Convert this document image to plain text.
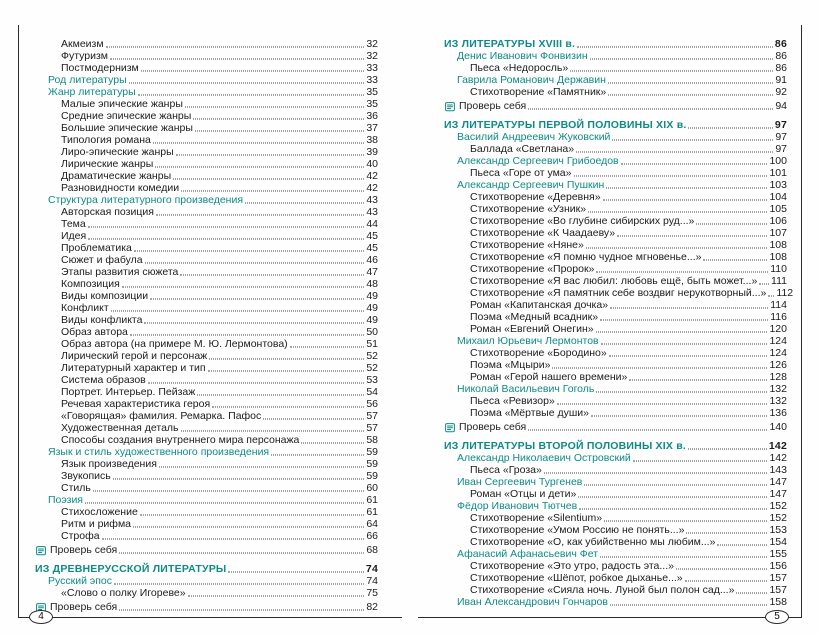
Акмеизм	32
Футуризм	32
Постмодернизм	33
Род литературы	33
Жанр литературы	35
Малые эпические жанры	35
Средние эпические жанры	36
Большие эпические жанры	37
Типология романа	38
Лиро-эпические жанры	39
Лирические жанры	40
Драматические жанры	42
Разновидности комедии	42
Структура литературного произведения	43
Авторская позиция	43
Тема	44
Идея	45
Проблематика	45
Сюжет и фабула	46
Этапы развития сюжета	47
Композиция	48
Виды композиции	49
Конфликт	49
Виды конфликта	49
Образ автора	50
Образ автора (на примере М. Ю. Лермонтова)	51
Лирический герой и персонаж	52
Литературный характер и тип	52
Система образов	53
Портрет. Интерьер. Пейзаж	54
Речевая характеристика героя	56
«Говорящая» фамилия. Ремарка. Пафос	57
Художественная деталь	57
Способы создания внутреннего мира персонажа	58
Язык и стиль художественного произведения	59
Язык произведения	59
Звукопись	59
Стиль	60
Поэзия	61
Стихосложение	61
Ритм и рифма	64
Строфа	66
Проверь себя	68
ИЗ ДРЕВНЕРУССКОЙ ЛИТЕРАТУРЫ	74
Русский эпос	74
«Слово о полку Игореве»	75
Проверь себя	82
ИЗ ЛИТЕРАТУРЫ XVIII в.	86
Денис Иванович Фонвизин	86
Пьеса «Недоросль»	86
Гаврила Романович Державин	91
Стихотворение «Памятник»	92
Проверь себя	94
ИЗ ЛИТЕРАТУРЫ ПЕРВОЙ ПОЛОВИНЫ XIX в.	97
Василий Андреевич Жуковский	97
Баллада «Светлана»	97
Александр Сергеевич Грибоедов	100
Пьеса «Горе от ума»	101
Александр Сергеевич Пушкин	103
Стихотворение «Деревня»	104
Стихотворение «Узник»	105
Стихотворение «Во глубине сибирских руд...»	106
Стихотворение «К Чаадаеву»	107
Стихотворение «Няне»	108
Стихотворение «Я помню чудное мгновенье...»	108
Стихотворение «Пророк»	110
Стихотворение «Я вас любил: любовь ещё, быть может...» 111
Стихотворение «Я памятник себе воздвиг нерукотворный...» 112
Роман «Капитанская дочка»	114
Поэма «Медный всадник»	116
Роман «Евгений Онегин»	120
Михаил Юрьевич Лермонтов	124
Стихотворение «Бородино»	124
Поэма «Мцыри»	126
Роман «Герой нашего времени»	128
Николай Васильевич Гоголь	132
Пьеса «Ревизор»	132
Поэма «Мёртвые души»	136
Проверь себя	140
ИЗ ЛИТЕРАТУРЫ ВТОРОЙ ПОЛОВИНЫ XIX в.	142
Александр Николаевич Островский	142
Пьеса «Гроза»	143
Иван Сергеевич Тургенев	147
Роман «Отцы и дети»	147
Фёдор Иванович Тютчев	152
Стихотворение «Silentium»	152
Стихотворение «Умом Россию не понять...»	153
Стихотворение «О, как убийственно мы любим...»	154
Афанасий Афанасьевич Фет	155
Стихотворение «Это утро, радость эта...»	156
Стихотворение «Шёпот, робкое дыханье...»	157
Стихотворение «Сияла ночь. Луной был полон сад...»	157
Иван Александрович Гончаров	158
4	5
